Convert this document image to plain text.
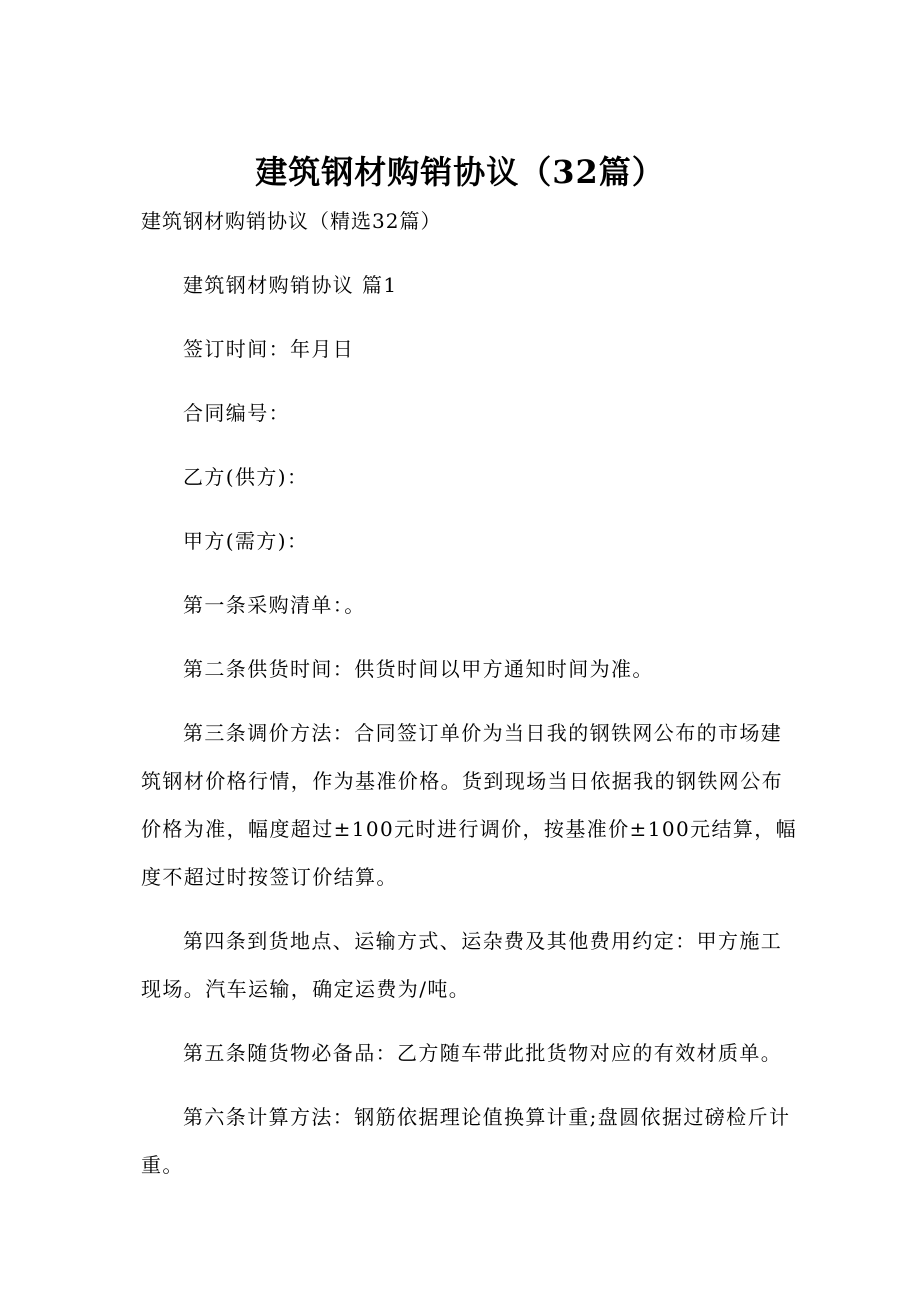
建筑钢材购销协议（32篇）
建筑钢材购销协议（精选32篇）

建筑钢材购销协议 篇1

签订时间：年月日

合同编号：

乙方(供方)：

甲方(需方)：

第一条采购清单：。

第二条供货时间：供货时间以甲方通知时间为准。

第三条调价方法：合同签订单价为当日我的钢铁网公布的市场建筑钢材价格行情，作为基准价格。货到现场当日依据我的钢铁网公布价格为准，幅度超过±100元时进行调价，按基准价±100元结算，幅度不超过时按签订价结算。

第四条到货地点、运输方式、运杂费及其他费用约定：甲方施工现场。汽车运输，确定运费为/吨。

第五条随货物必备品：乙方随车带此批货物对应的有效材质单。

第六条计算方法：钢筋依据理论值换算计重;盘圆依据过磅检斤计重。
